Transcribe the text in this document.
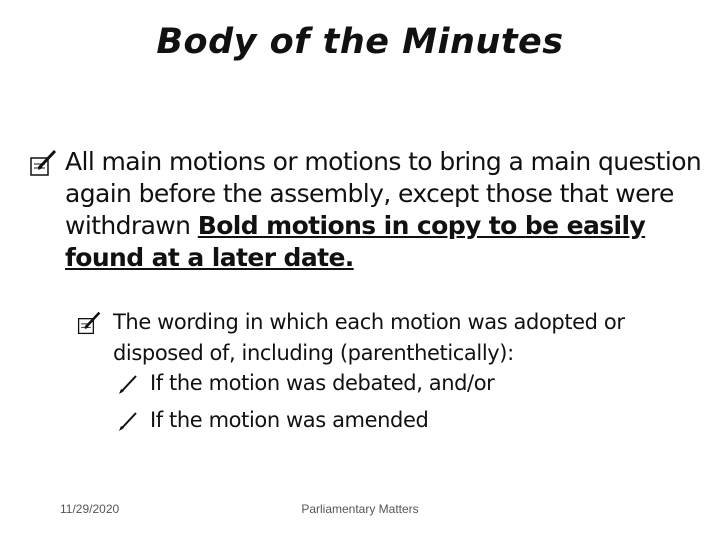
Body of the Minutes
All main motions or motions to bring a main question again before the assembly, except those that were withdrawn Bold motions in copy to be easily found at a later date.
The wording in which each motion was adopted or disposed of, including (parenthetically):
If the motion was debated, and/or
If the motion was amended
11/29/2020	Parliamentary Matters
